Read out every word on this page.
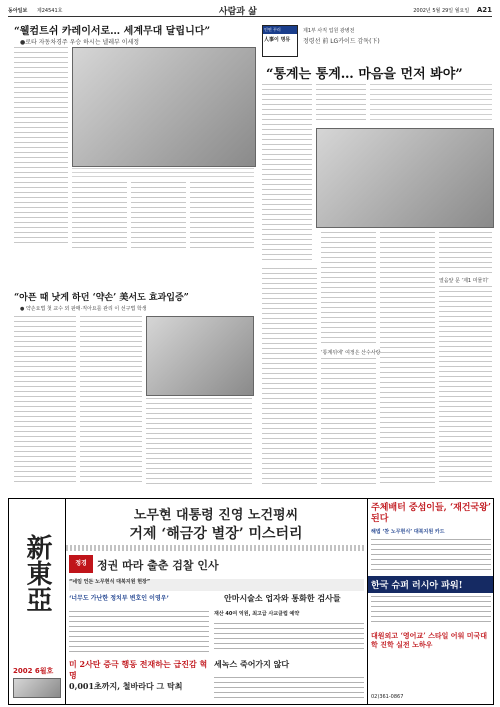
동아일보 제24541호	사람과 삶	2002년 5월 29일 월요일 A21
“웰컴트쉬 카레이서로… 세계무대 달립니다”
●로타 자동차경주 우승 하시는 넬레부 이세정
인연 꾸러
人事이 명뮤
제1부 사직 업원 광병전
정령선 前 LG카이드 감독(下)
“통계는 통계… 마음을 먼저 봐야”
“아픈 때 낫게 하던 ‘약손’ 美서도 효과입증”
● 약손요법 첫 교수 외 판매·직아요를 관리 이 선구법 학생
‘통계뒤에’ 여정은 산수사랑
열음앞 문 ‘제1 미물히’
新東亞
2002 6월호
노무현 대통령 진영 노건평씨
거제 ‘해금강 별장’ 미스터리
정경 정권 따라 출춘 검찰 인사
“네임 언돈 노무현식 대북지원 현장”
‘너무도 가난한 정치부 변호인 이영우’	안마시술소 업자와 통화한 검사들
재산 40여 억원, 최고급 사교클럽 예약
미 2사탄 증극 행동 전재하는 급진감 혁명
세녹스 죽어가지 않다
0,001초까지, 철바라다 그 탁최
주체배터 중섬이들, ‘재건국왕’ 된다
해법 ‘찬 노무현식’ 대북지원 카드
한국 슈퍼 러시아 파워!
대원외고 ‘영어교’ 스타일 어워 미국대학 진학 실전 노하우
02)361-0867
